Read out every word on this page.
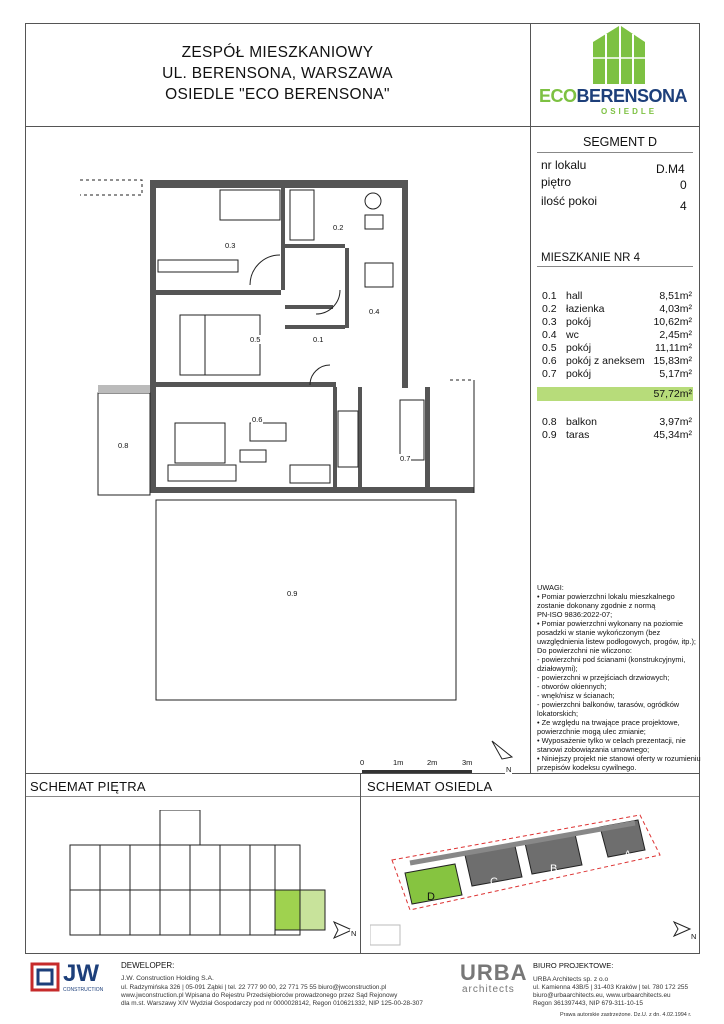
ZESPÓŁ MIESZKANIOWY
UL. BERENSONA, WARSZAWA
OSIEDLE "ECO BERENSONA"	ECOBERENSONA
OSIEDLE
SEGMENT D
nr lokalu	D.M4
piętro	0
ilość pokoi	4
MIESZKANIE NR 4
0.1 hall	8,51m²
0.2 łazienka	4,03m²
0.3 pokój	10,62m²
0.4 wc	2,45m²
0.5 pokój	11,11m²
0.6 pokój z aneksem 15,83m²
0.7 pokój	5,17m²
57,72m²
0.8 balkon	3,97m²
0.9 taras	45,34m²
UWAGI:
• Pomiar powierzchni lokalu mieszkalnego
zostanie dokonany zgodnie z normą
PN-ISO 9836:2022-07;
• Pomiar powierzchni wykonany na poziomie
posadzki w stanie wykończonym (bez
uwzględnienia listew podłogowych, progów, itp.);
Do powierzchni nie wliczono:
- powierzchni pod ścianami (konstrukcyjnymi,
działowymi);
- powierzchni w przejściach drzwiowych;
- otworów okiennych;
- wnęk/nisz w ścianach;
- powierzchni balkonów, tarasów, ogródków
lokatorskich;
• Ze względu na trwające prace projektowe,
powierzchnie mogą ulec zmianie;
• Wyposażenie tylko w celach prezentacji, nie
stanowi zobowiązania umownego;
• Niniejszy projekt nie stanowi oferty w rozumieniu
przepisów kodeksu cywilnego.
0.3
0.2
0.4
0.5	0.1
0.6
0.7
0.8
0.9
0	1m	2m	3m
N
SCHEMAT PIĘTRA
N
SCHEMAT OSIEDLA
A
B
C
D
N
JW
CONSTRUCTION
DEWELOPER:
J.W. Construction Holding S.A.
ul. Radzymińska 326 | 05-091 Ząbki | tel. 22 777 90 00, 22 771 75 55 biuro@jwconstruction.pl
www.jwconstruction.pl Wpisana do Rejestru Przedsiębiorców prowadzonego przez Sąd Rejonowy
dla m.st. Warszawy XIV Wydział Gospodarczy pod nr 0000028142, Regon 010621332, NIP 125-00-28-307
URBA
architects
BIURO PROJEKTOWE:
URBA Architects sp. z o.o
ul. Kamienna 43B/5 | 31-403 Kraków | tel. 780 172 255
biuro@urbaarchitects.eu, www.urbaarchitects.eu
Regon 361397443, NIP 679-311-10-15
Prawa autorskie zastrzeżone. Dz.U. z dn. 4.02.1994 r.
